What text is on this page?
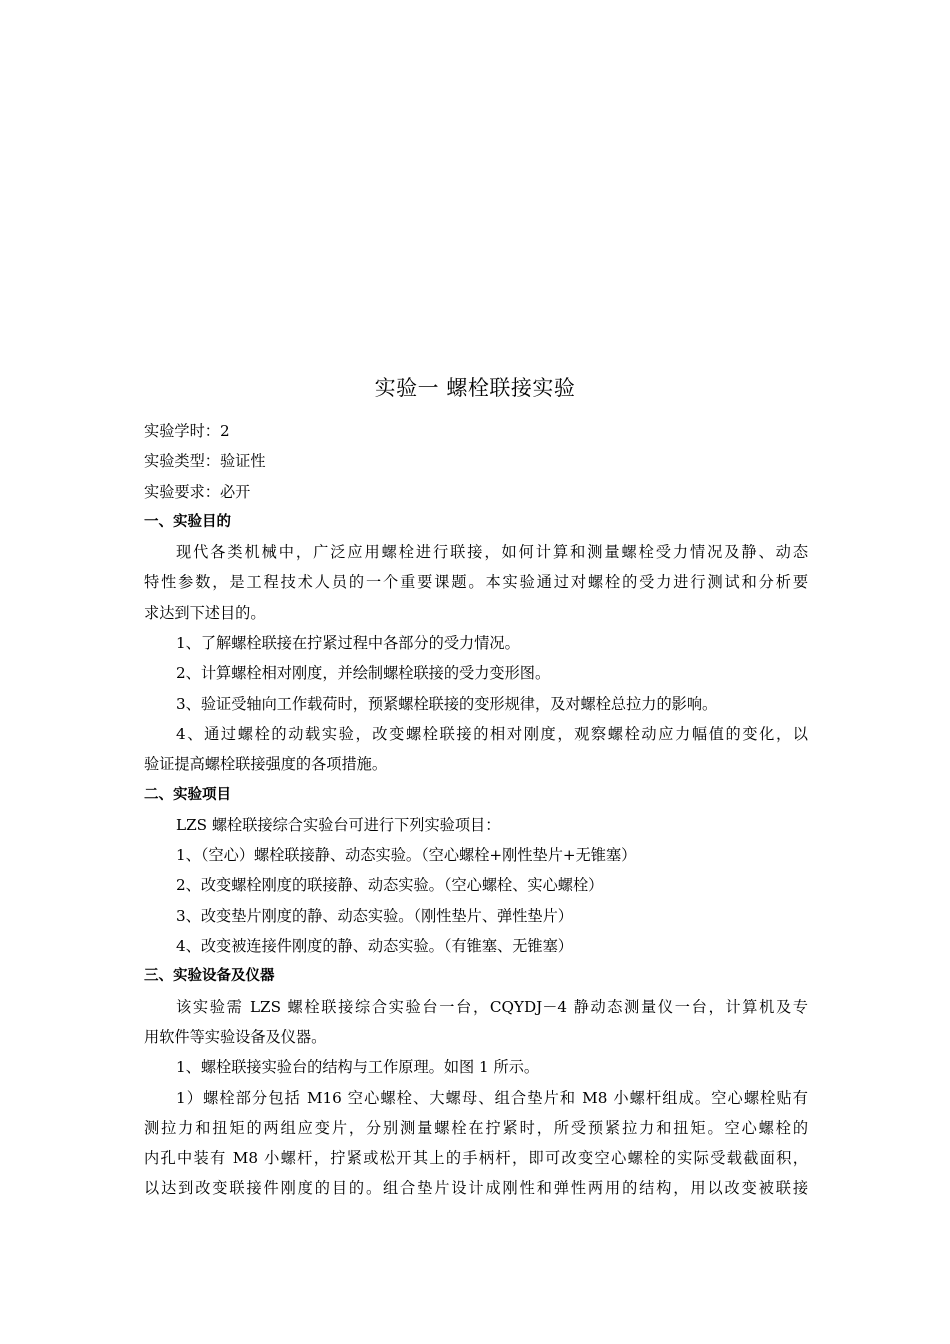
实验一 螺栓联接实验
实验学时：2
实验类型：验证性
实验要求：必开
一、实验目的
现代各类机械中，广泛应用螺栓进行联接，如何计算和测量螺栓受力情况及静、动态
特性参数，是工程技术人员的一个重要课题。本实验通过对螺栓的受力进行测试和分析要
求达到下述目的。
1、了解螺栓联接在拧紧过程中各部分的受力情况。
2、计算螺栓相对刚度，并绘制螺栓联接的受力变形图。
3、验证受轴向工作载荷时，预紧螺栓联接的变形规律，及对螺栓总拉力的影响。
4、通过螺栓的动载实验，改变螺栓联接的相对刚度，观察螺栓动应力幅值的变化，以
验证提高螺栓联接强度的各项措施。
二、实验项目
LZS 螺栓联接综合实验台可进行下列实验项目：
1、（空心）螺栓联接静、动态实验。（空心螺栓+刚性垫片+无锥塞）
2、改变螺栓刚度的联接静、动态实验。（空心螺栓、实心螺栓）
3、改变垫片刚度的静、动态实验。（刚性垫片、弹性垫片）
4、改变被连接件刚度的静、动态实验。（有锥塞、无锥塞）
三、实验设备及仪器
该实验需 LZS 螺栓联接综合实验台一台，CQYDJ－4 静动态测量仪一台，计算机及专
用软件等实验设备及仪器。
1、螺栓联接实验台的结构与工作原理。如图 1 所示。
1）螺栓部分包括 M16 空心螺栓、大螺母、组合垫片和 M8 小螺杆组成。空心螺栓贴有
测拉力和扭矩的两组应变片，分别测量螺栓在拧紧时，所受预紧拉力和扭矩。空心螺栓的
内孔中装有 M8 小螺杆，拧紧或松开其上的手柄杆，即可改变空心螺栓的实际受载截面积，
以达到改变联接件刚度的目的。组合垫片设计成刚性和弹性两用的结构，用以改变被联接
